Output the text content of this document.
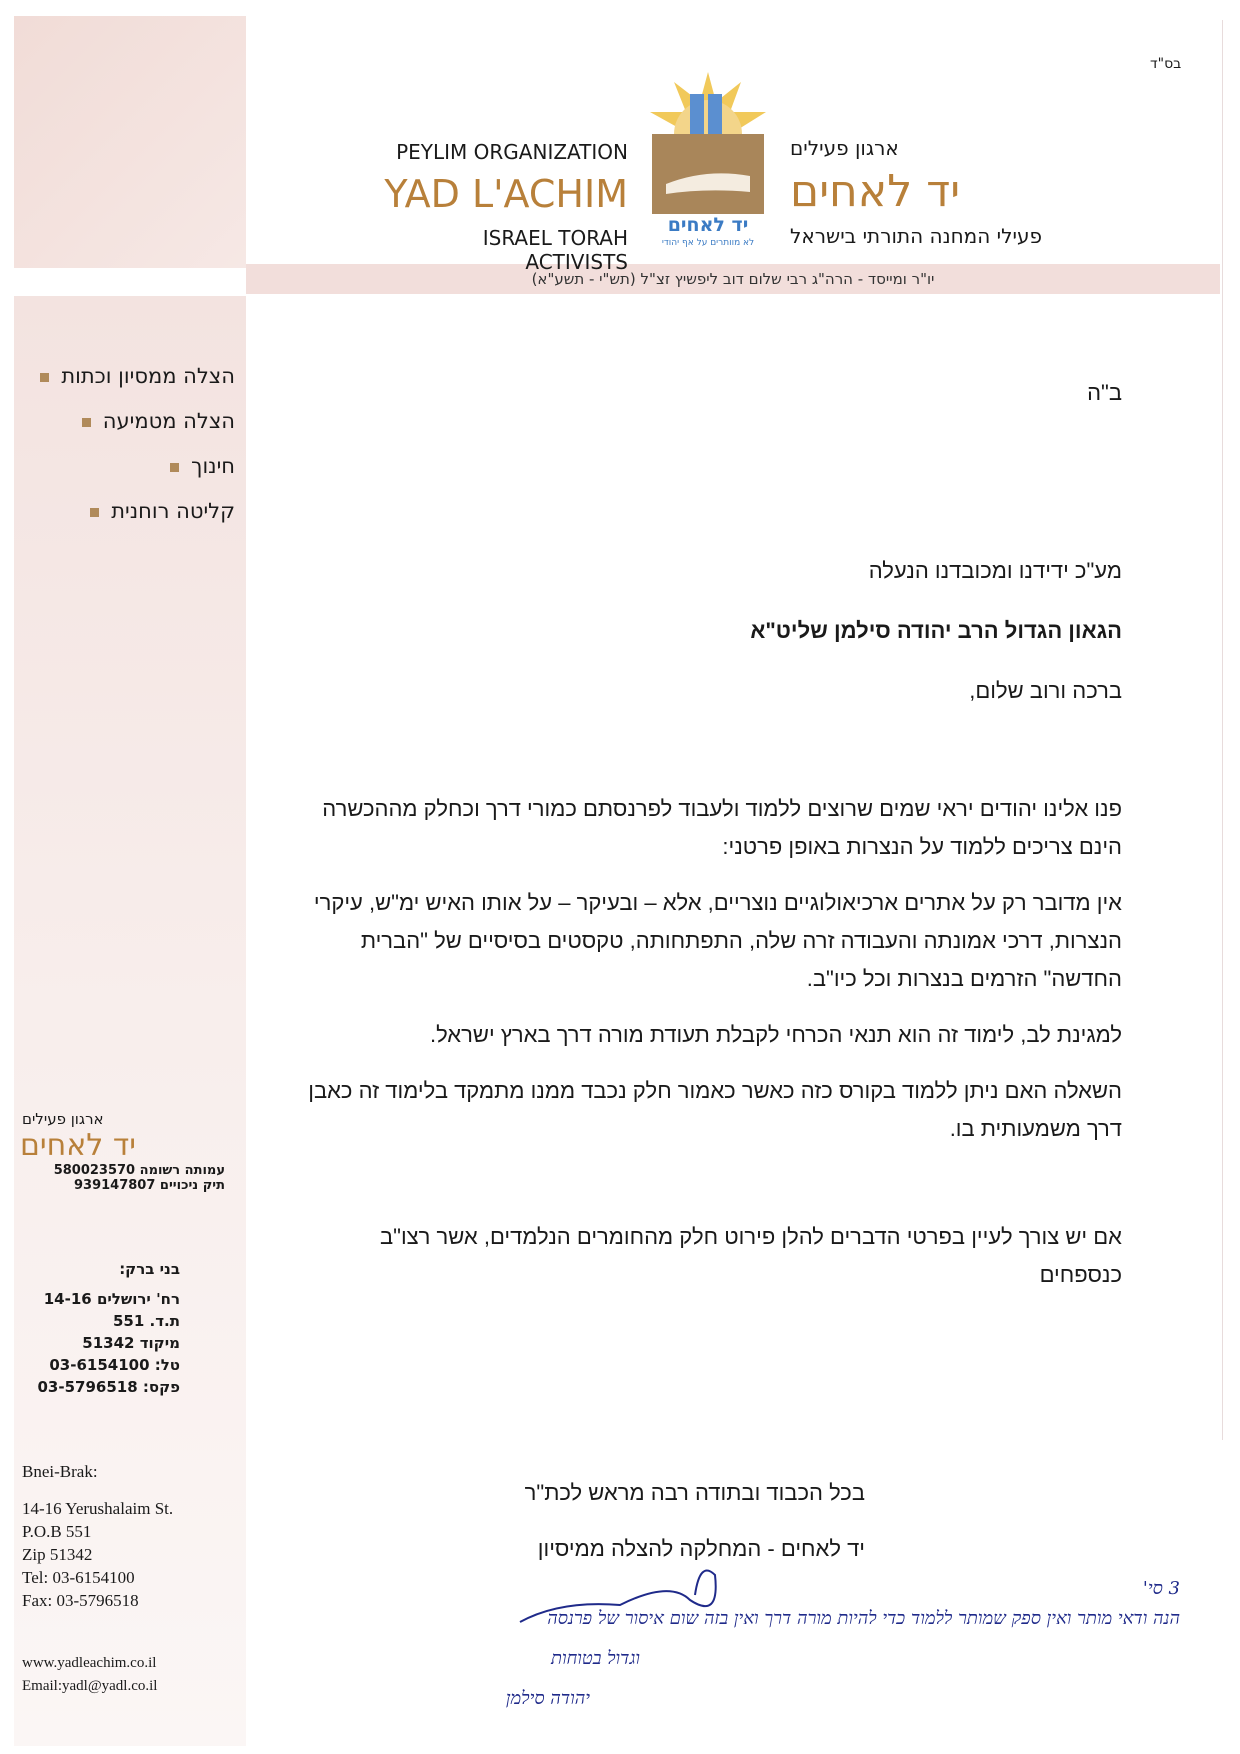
יו"ר ומייסד - הרה"ג רבי שלום דוב ליפשיץ זצ"ל (תש"י - תשע"א)
בס"ד
PEYLIM ORGANIZATION
YAD L'ACHIM
ISRAEL TORAH ACTIVISTS
יד לאחים
לא מוותרים על אף יהודי
ארגון פעילים
יד לאחים
פעילי המחנה התורתי בישראל
הצלה ממסיון וכתות
הצלה מטמיעה
חינוך
קליטה רוחנית
ארגון פעילים
יד לאחים
עמותה רשומה 580023570
תיק ניכויים 939147807
בני ברק:
רח' ירושלים 14-16
ת.ד. 551
מיקוד 51342
טל: 03-6154100
פקס: 03-5796518
Bnei-Brak:
14-16 Yerushalaim St.
P.O.B 551
Zip 51342
Tel: 03-6154100
Fax: 03-5796518
www.yadleachim.co.il
Email:yadl@yadl.co.il
ב"ה
מע"כ ידידנו ומכובדנו הנעלה
הגאון הגדול הרב יהודה סילמן שליט"א
ברכה ורוב שלום,
פנו אלינו יהודים יראי שמים שרוצים ללמוד ולעבוד לפרנסתם כמורי דרך וכחלק מההכשרה הינם צריכים ללמוד על הנצרות באופן פרטני:
אין מדובר רק על אתרים ארכיאולוגיים נוצריים, אלא – ובעיקר – על אותו האיש ימ"ש, עיקרי הנצרות, דרכי אמונתה והעבודה זרה שלה, התפתחותה, טקסטים בסיסיים של "הברית החדשה" הזרמים בנצרות וכל כיו"ב.
למגינת לב, לימוד זה הוא תנאי הכרחי לקבלת תעודת מורה דרך בארץ ישראל.
השאלה האם ניתן ללמוד בקורס כזה כאשר כאמור חלק נכבד ממנו מתמקד בלימוד זה כאבן דרך משמעותית בו.
אם יש צורך לעיין בפרטי הדברים להלן פירוט חלק מהחומרים הנלמדים, אשר רצו"ב כנספחים
בכל הכבוד ובתודה רבה מראש לכת"ר
יד לאחים - המחלקה להצלה ממיסיון
3 סי'
הנה ודאי מותר ואין ספק שמותר ללמוד כדי להיות מורה דרך ואין בזה שום איסור של פרנסה
וגדול בטוחות
יהודה סילמן
